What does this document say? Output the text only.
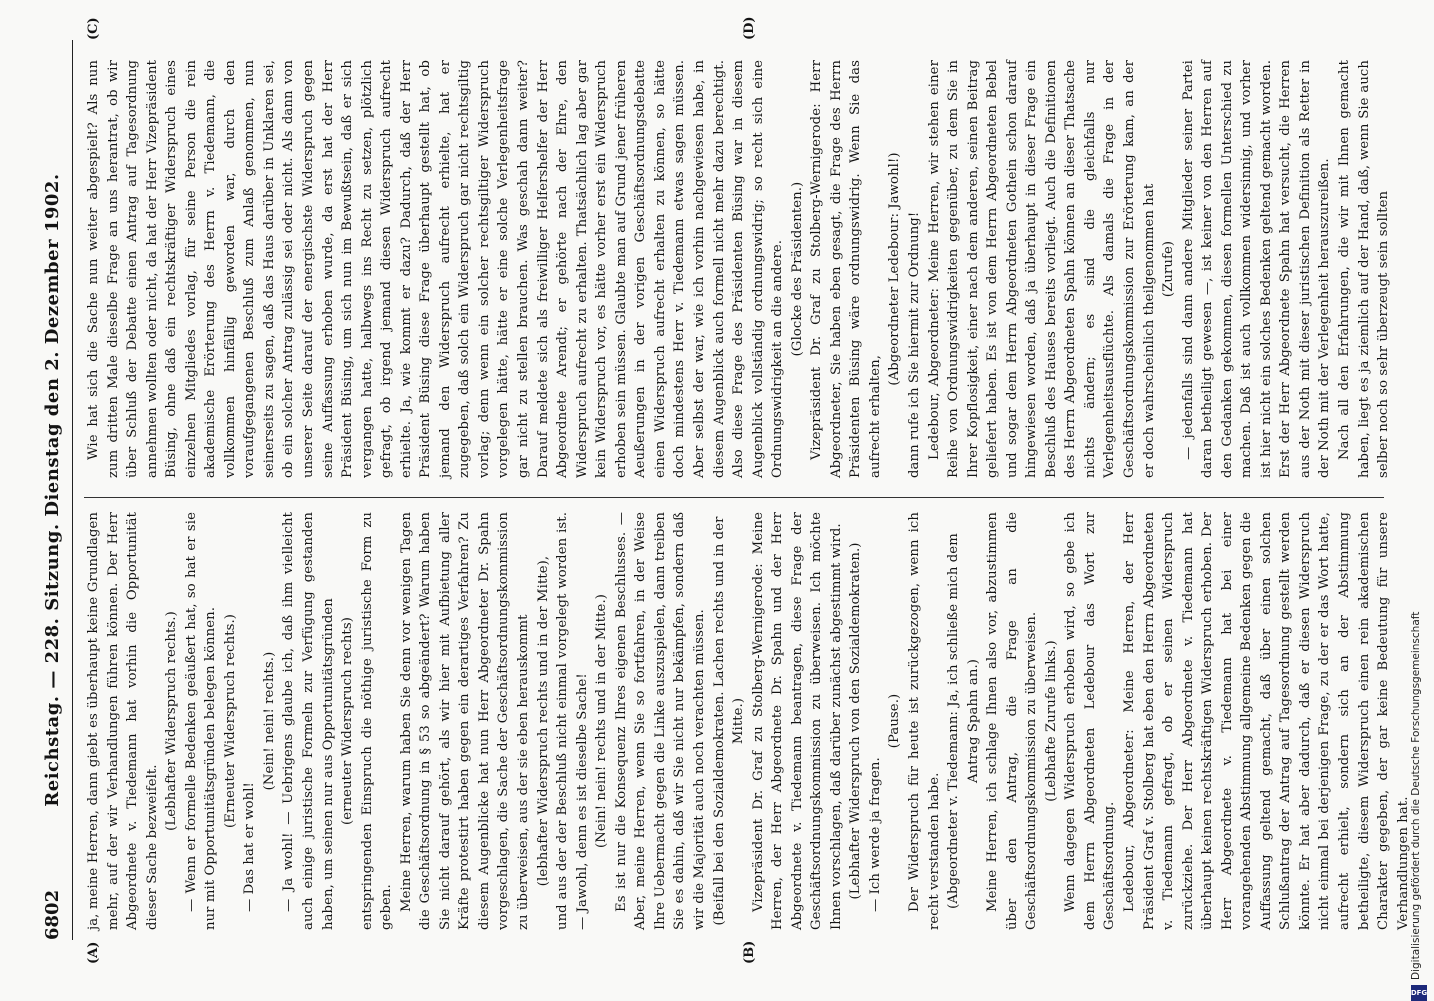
6802
Reichstag. — 228. Sitzung. Dienstag den 2. Dezember 1902.
(A)	(B)
(C)	(D)

ja, meine Herren, dann giebt es überhaupt keine Grundlagen mehr, auf der wir Verhandlungen führen können. Der Herr Abgeordnete v. Tiedemann hat vorhin die Opportunität dieser Sache bezweifelt.

(Lebhafter Widerspruch rechts.) — Wenn er formelle Bedenken geäußert hat, so hat er sie nur mit Opportunitätsgründen belegen können. (Erneuter Widerspruch rechts.)

— Das hat er wohl!

(Nein! nein! rechts.) — Ja wohl! — Uebrigens glaube ich, daß ihm vielleicht auch einige juristische Formeln zur Verfügung gestanden haben, um seinen nur aus Opportunitätsgründen (erneuter Widerspruch rechts) entspringenden Einspruch die nöthige juristische Form zu geben. Meine Herren, warum haben Sie denn vor wenigen Tagen die Geschäftsordnung in § 53 so abgeändert? Warum haben Sie nicht darauf gehört, als wir hier mit Aufbietung aller Kräfte protestirt haben gegen ein derartiges Verfahren? Zu diesem Augenblicke hat nun Herr Abgeordneter Dr. Spahn vorgeschlagen, die Sache der Geschäftsordnungskommission zu überweisen, aus der sie eben herauskommt (lebhafter Widerspruch rechts und in der Mitte), und aus der der Beschluß nicht einmal vorgelegt worden ist. — Jawohl, denn es ist dieselbe Sache! (Nein! nein! rechts und in der Mitte.) Es ist nur die Konsequenz Ihres eigenen Beschlusses. — Aber, meine Herren, wenn Sie so fortfahren, in der Weise Ihre Uebermacht gegen die Linke auszuspielen, dann treiben Sie es dahin, daß wir Sie nicht nur bekämpfen, sondern daß wir die Majorität auch noch verachten müssen. (Beifall bei den Sozialdemokraten. Lachen rechts und in der Mitte.) Vizepräsident Dr. Graf zu Stolberg-Wernigerode: Meine Herren, der Herr Abgeordnete Dr. Spahn und der Herr Abgeordnete v. Tiedemann beantragen, diese Frage der Geschäftsordnungskommission zu überweisen. Ich möchte Ihnen vorschlagen, daß darüber zunächst abgestimmt wird. (Lebhafter Widerspruch von den Sozialdemokraten.) — Ich werde ja fragen.

(Pause.) Der Widerspruch für heute ist zurückgezogen, wenn ich recht verstanden habe. (Abgeordneter v. Tiedemann: Ja, ich schließe mich dem Antrag Spahn an.) Meine Herren, ich schlage Ihnen also vor, abzustimmen über den Antrag, die Frage an die Geschäftsordnungskommission zu überweisen. (Lebhafte Zurufe links.) Wenn dagegen Widerspruch erhoben wird, so gebe ich dem Herrn Abgeordneten Ledebour das Wort zur Geschäftsordnung. Ledebour, Abgeordneter: Meine Herren, der Herr Präsident Graf v. Stolberg hat eben den Herrn Abgeordneten v. Tiedemann gefragt, ob er seinen Widerspruch zurückziehe. Der Herr Abgeordnete v. Tiedemann hat überhaupt keinen rechtskräftigen Widerspruch erhoben. Der Herr Abgeordnete v. Tiedemann hat bei einer vorangehenden Abstimmung allgemeine Bedenken gegen die Auffassung geltend gemacht, daß über einen solchen Schlußantrag der Antrag auf Tagesordnung gestellt werden könnte. Er hat aber dadurch, daß er diesen Widerspruch nicht einmal bei derjenigen Frage, zu der er das Wort hatte, aufrecht erhielt, sondern sich an der Abstimmung betheiligte, diesem Widerspruch einen rein akademischen Charakter gegeben, der gar keine Bedeutung für unsere Verhandlungen hat.

Wie hat sich die Sache nun weiter abgespielt? Als nun zum dritten Male dieselbe Frage an uns herantrat, ob wir über Schluß der Debatte einen Antrag auf Tagesordnung annehmen wollten oder nicht, da hat der Herr Vizepräsident Büsing, ohne daß ein rechtskräftiger Widerspruch eines einzelnen Mitgliedes vorlag, für seine Person die rein akademische Erörterung des Herrn v. Tiedemann, die vollkommen hinfällig geworden war, durch den voraufgegangenen Beschluß zum Anlaß genommen, nun seinerseits zu sagen, daß das Haus darüber in Unklaren sei, ob ein solcher Antrag zulässig sei oder nicht. Als dann von unserer Seite darauf der energischste Widerspruch gegen seine Auffassung erhoben wurde, da erst hat der Herr Präsident Büsing, um sich nun im Bewußtsein, daß er sich vergangen hatte, halbwegs ins Recht zu setzen, plötzlich gefragt, ob irgend jemand diesen Widerspruch aufrecht erhielte. Ja, wie kommt er dazu? Dadurch, daß der Herr Präsident Büsing diese Frage überhaupt gestellt hat, ob jemand den Widerspruch aufrecht erhielte, hat er zugegeben, daß solch ein Widerspruch gar nicht rechtsgiltig vorlag; denn wenn ein solcher rechtsgiltiger Widerspruch vorgelegen hätte, hätte er eine solche Verlegenheitsfrage gar nicht zu stellen brauchen. Was geschah dann weiter? Darauf meldete sich als freiwilliger Helfershelfer der Herr Abgeordnete Arendt; er gehörte nach der Ehre, den Widerspruch aufrecht zu erhalten. Thatsächlich lag aber gar kein Widerspruch vor, es hätte vorher erst ein Widerspruch erhoben sein müssen. Glaubte man auf Grund jener früheren Aeußerungen in der vorigen Geschäftsordnungsdebatte einen Widerspruch aufrecht erhalten zu können, so hätte doch mindestens Herr v. Tiedemann etwas sagen müssen. Aber selbst der war, wie ich vorhin nachgewiesen habe, in diesem Augenblick auch formell nicht mehr dazu berechtigt. Also diese Frage des Präsidenten Büsing war in diesem Augenblick vollständig ordnungswidrig; so recht sich eine Ordnungswidrigkeit an die andere. (Glocke des Präsidenten.) Vizepräsident Dr. Graf zu Stolberg-Wernigerode: Herr Abgeordneter, Sie haben eben gesagt, die Frage des Herrn Präsidenten Büsing wäre ordnungswidrig. Wenn Sie das aufrecht erhalten,

(Abgeordneter Ledebour: Jawohl!) dann rufe ich Sie hiermit zur Ordnung! Ledebour, Abgeordneter: Meine Herren, wir stehen einer Reihe von Ordnungswidrigkeiten gegenüber, zu dem Sie in Ihrer Kopflosigkeit, einer nach dem anderen, seinen Beitrag geliefert haben. Es ist von dem Herrn Abgeordneten Bebel und sogar dem Herrn Abgeordneten Gothein schon darauf hingewiesen worden, daß ja überhaupt in dieser Frage ein Beschluß des Hauses bereits vorliegt. Auch die Definitionen des Herrn Abgeordneten Spahn können an dieser Thatsache nichts ändern; es sind die gleichfalls nur Verlegenheitsausflüchte. Als damals die Frage in der Geschäftsordnungskommission zur Erörterung kam, an der er doch wahrscheinlich theilgenommen hat (Zurufe) — jedenfalls sind dann andere Mitglieder seiner Partei daran betheiligt gewesen —, ist keiner von den Herren auf den Gedanken gekommen, diesen formellen Unterschied zu machen. Daß ist auch vollkommen widersinnig, und vorher ist hier nicht ein solches Bedenken geltend gemacht worden. Erst der Herr Abgeordnete Spahn hat versucht, die Herren aus der Noth mit dieser juristischen Definition als Retter in der Noth mit der Verlegenheit herauszureißen. Nach all den Erfahrungen, die wir mit Ihnen gemacht haben, liegt es ja ziemlich auf der Hand, daß, wenn Sie auch selber noch so sehr überzeugt sein sollten

Digitalisierung gefördert durch die Deutsche Forschungsgemeinschaft
DFG
